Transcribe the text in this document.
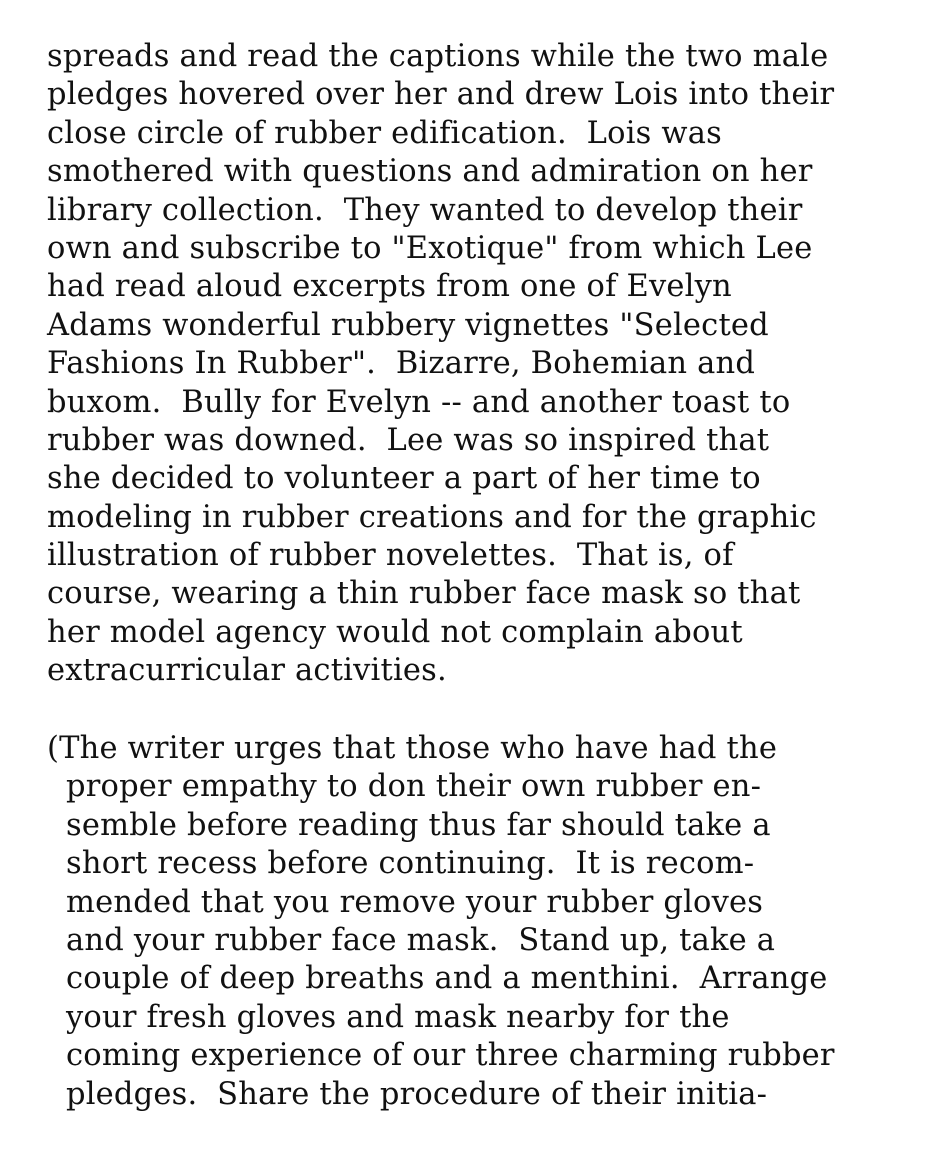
spreads and read the captions while the two male
pledges hovered over her and drew Lois into their
close circle of rubber edification.  Lois was
smothered with questions and admiration on her
library collection.  They wanted to develop their
own and subscribe to "Exotique" from which Lee
had read aloud excerpts from one of Evelyn
Adams wonderful rubbery vignettes "Selected
Fashions In Rubber".  Bizarre, Bohemian and
buxom.  Bully for Evelyn -- and another toast to
rubber was downed.  Lee was so inspired that
she decided to volunteer a part of her time to
modeling in rubber creations and for the graphic
illustration of rubber novelettes.  That is, of
course, wearing a thin rubber face mask so that
her model agency would not complain about
extracurricular activities.
(The writer urges that those who have had the
proper empathy to don their own rubber en-
semble before reading thus far should take a
short recess before continuing.  It is recom-
mended that you remove your rubber gloves
and your rubber face mask.  Stand up, take a
couple of deep breaths and a menthini.  Arrange
your fresh gloves and mask nearby for the
coming experience of our three charming rubber
pledges.  Share the procedure of their initia-
